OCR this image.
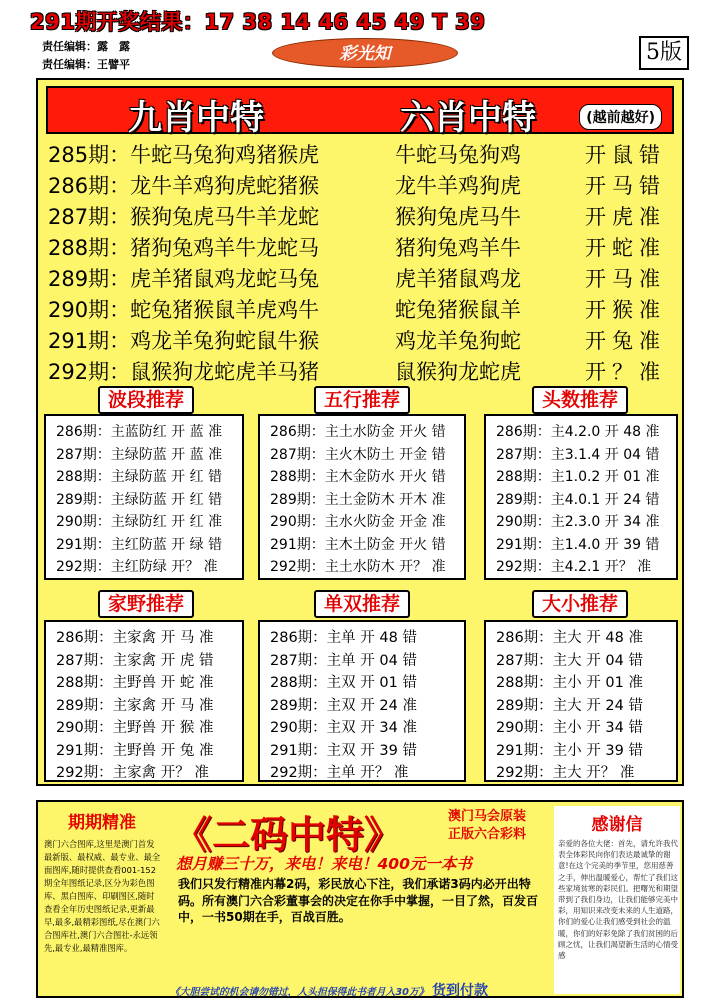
291期开奖结果：17 38 14 46 45 49 T 39
责任编辑：露　露
责任编辑：王譬平
彩光知	5版
九肖中特	六肖中特	(越前越好)
285期：牛蛇马兔狗鸡猪猴虎	牛蛇马兔狗鸡	开鼠错
286期：龙牛羊鸡狗虎蛇猪猴	龙牛羊鸡狗虎	开马错
287期：猴狗兔虎马牛羊龙蛇	猴狗兔虎马牛	开虎准
288期：猪狗兔鸡羊牛龙蛇马	猪狗兔鸡羊牛	开蛇准
289期：虎羊猪鼠鸡龙蛇马兔	虎羊猪鼠鸡龙	开马准
290期：蛇兔猪猴鼠羊虎鸡牛	蛇兔猪猴鼠羊	开猴准
291期：鸡龙羊兔狗蛇鼠牛猴	鸡龙羊兔狗蛇	开兔准
292期：鼠猴狗龙蛇虎羊马猪	鼠猴狗龙蛇虎	开？准
286期：主蓝防红 开 蓝 准
287期：主绿防蓝 开 蓝 准
288期：主绿防蓝 开 红 错
289期：主绿防蓝 开 红 错
290期：主绿防红 开 红 准
291期：主红防蓝 开 绿 错
292期：主红防绿 开？ 准
波段推荐
286期：主土水防金 开火 错
287期：主火木防土 开金 错
288期：主木金防水 开火 错
289期：主土金防木 开木 准
290期：主水火防金 开金 准
291期：主木土防金 开火 错
292期：主土水防木 开？ 准
五行推荐
286期：主4.2.0 开 48 准
287期：主3.1.4 开 04 错
288期：主1.0.2 开 01 准
289期：主4.0.1 开 24 错
290期：主2.3.0 开 34 准
291期：主1.4.0 开 39 错
292期：主4.2.1 开？ 准
头数推荐
286期：主家禽 开 马 准
287期：主家禽 开 虎 错
288期：主野兽 开 蛇 准
289期：主家禽 开 马 准
290期：主野兽 开 猴 准
291期：主野兽 开 兔 准
292期：主家禽 开？ 准
家野推荐
286期：主单 开 48 错
287期：主单 开 04 错
288期：主双 开 01 错
289期：主双 开 24 准
290期：主双 开 34 准
291期：主双 开 39 错
292期：主单 开？ 准
单双推荐
286期：主大 开 48 准
287期：主大 开 04 错
288期：主小 开 01 准
289期：主大 开 24 错
290期：主小 开 34 错
291期：主小 开 39 错
292期：主大 开？ 准
大小推荐
期期精准
澳门六合图库,这里是澳门首发最新版、最权威、最专业、最全面图库,随时提供查看001-152期全年图纸记录,区分为彩色图库、黑白图库、印刷图区,随时查看全年历史图纸记录,更新最早,最多,最精彩图纸,尽在澳门六合图库社,澳门六合图社-永远领先,最专业,最精准图库。
《二码中特》	澳门马会原装
正版六合彩料
想月赚三十万，来电！来电！400元一本书
我们只发行精准内幕2码，彩民放心下注，我们承诺3码内必开出特码。所有澳门六合彩董事会的决定在你手中掌握，一目了然，百发百中，一书50期在手，百战百胜。
《大胆尝试的机会请勿错过，人头担保得此书者月入30万》 货到付款
感谢信
亲爱的各位大佬：首先，请允许我代表全体彩民向你们表达最诚挚的谢意!在这个完美的季节里，您用慈善之手，伸出温暖爱心，帮忙了我们这些家境贫寒的彩民们。把曙光和期望带到了我们身边，让我们能够完美中彩，用知识来改变未来的人生道路，你们的爱心让我们感受到社会的温暖，你们的好彩免除了我们贫困的后顾之忧，让我们渴望新生活的心情受感
